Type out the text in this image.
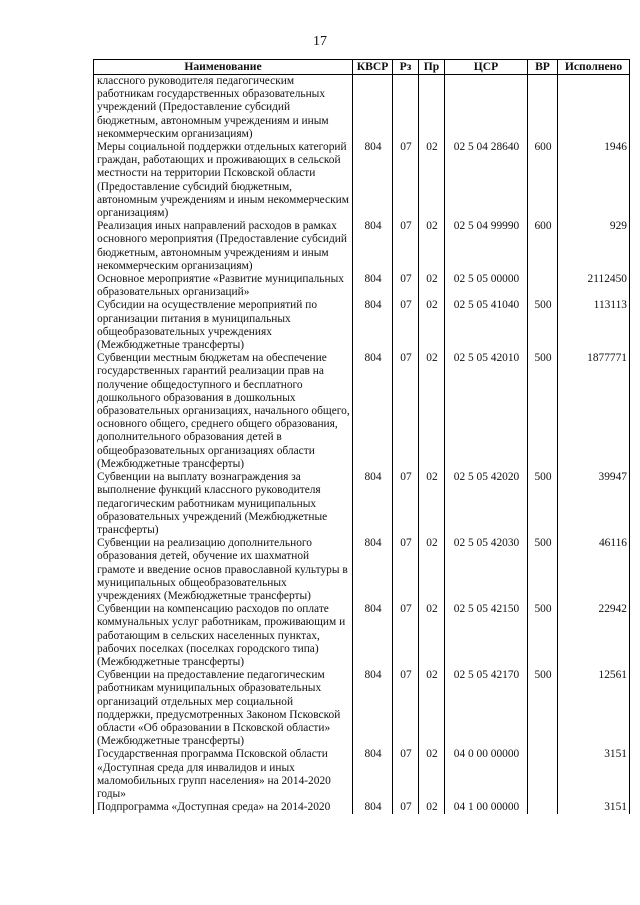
17
Наименование	КВСР	Рз	Пр	ЦСР	ВР	Исполнено
классного руководителя педагогическим работникам государственных образовательных учреждений (Предоставление субсидий бюджетным, автономным учреждениям и иным некоммерческим организациям)						
Меры социальной поддержки отдельных категорий граждан, работающих и проживающих в сельской местности на территории Псковской области (Предоставление субсидий бюджетным, автономным учреждениям и иным некоммерческим организациям)	804	07	02	02 5 04 28640	600	1946
Реализация иных направлений расходов в рамках основного мероприятия (Предоставление субсидий бюджетным, автономным учреждениям и иным некоммерческим организациям)	804	07	02	02 5 04 99990	600	929
Основное мероприятие «Развитие муниципальных образовательных организаций»	804	07	02	02 5 05 00000		2112450
Субсидии на осуществление мероприятий по организации питания в муниципальных общеобразовательных учреждениях (Межбюджетные трансферты)	804	07	02	02 5 05 41040	500	113113
Субвенции местным бюджетам на обеспечение государственных гарантий реализации прав на получение общедоступного и бесплатного дошкольного образования в дошкольных образовательных организациях, начального общего, основного общего, среднего общего образования, дополнительного образования детей в общеобразовательных организациях области (Межбюджетные трансферты)	804	07	02	02 5 05 42010	500	1877771
Субвенции на выплату вознаграждения за выполнение функций классного руководителя педагогическим работникам муниципальных образовательных учреждений (Межбюджетные трансферты)	804	07	02	02 5 05 42020	500	39947
Субвенции на реализацию дополнительного образования детей, обучение их шахматной грамоте и введение основ православной культуры в муниципальных общеобразовательных учреждениях (Межбюджетные трансферты)	804	07	02	02 5 05 42030	500	46116
Субвенции на компенсацию расходов по оплате коммунальных услуг работникам, проживающим и работающим в сельских населенных пунктах, рабочих поселках (поселках городского типа) (Межбюджетные трансферты)	804	07	02	02 5 05 42150	500	22942
Субвенции на предоставление педагогическим работникам муниципальных образовательных организаций отдельных мер социальной поддержки, предусмотренных Законом Псковской области «Об образовании в Псковской области» (Межбюджетные трансферты)	804	07	02	02 5 05 42170	500	12561
Государственная программа Псковской области «Доступная среда для инвалидов и иных маломобильных групп населения» на 2014-2020 годы»	804	07	02	04 0 00 00000		3151
Подпрограмма «Доступная среда» на 2014-2020	804	07	02	04 1 00 00000		3151
